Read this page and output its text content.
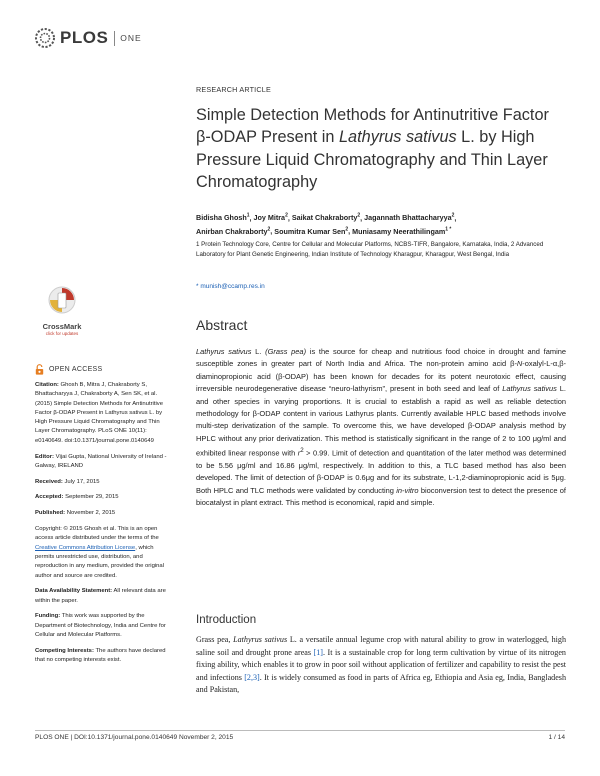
PLOS ONE
CrossMark
click for updates
OPEN ACCESS

Citation: Ghosh B, Mitra J, Chakraborty S, Bhattacharyya J, Chakraborty A, Sen SK, et al. (2015) Simple Detection Methods for Antinutritive Factor β-ODAP Present in Lathyrus sativus L. by High Pressure Liquid Chromatography and Thin Layer Chromatography. PLoS ONE 10(11): e0140649. doi:10.1371/journal.pone.0140649

Editor: Vijai Gupta, National University of Ireland - Galway, IRELAND

Received: July 17, 2015

Accepted: September 29, 2015

Published: November 2, 2015

Copyright: © 2015 Ghosh et al. This is an open access article distributed under the terms of the Creative Commons Attribution License, which permits unrestricted use, distribution, and reproduction in any medium, provided the original author and source are credited.

Data Availability Statement: All relevant data are within the paper.

Funding: This work was supported by the Department of Biotechnology, India and Centre for Cellular and Molecular Platforms.

Competing Interests: The authors have declared that no competing interests exist.

RESEARCH ARTICLE
Simple Detection Methods for Antinutritive Factor β-ODAP Present in Lathyrus sativus L. by High Pressure Liquid Chromatography and Thin Layer Chromatography
Bidisha Ghosh$^1$, Joy Mitra$^2$, Saikat Chakraborty$^2$, Jagannath Bhattacharyya$^2$,
Anirban Chakraborty$^2$, Soumitra Kumar Sen$^2$, Muniasamy Neerathilingam$^{1 *}$
1 Protein Technology Core, Centre for Cellular and Molecular Platforms, NCBS-TIFR, Bangalore, Karnataka, India, 2 Advanced Laboratory for Plant Genetic Engineering, Indian Institute of Technology Kharagpur, Kharagpur, West Bengal, India
* munish@ccamp.res.in
Abstract
Lathyrus sativus L. (Grass pea) is the source for cheap and nutritious food choice in drought and famine susceptible zones in greater part of North India and Africa. The non-protein amino acid β-N-oxalyl-L-α,β-diaminopropionic acid (β-ODAP) has been known for decades for its potent neurotoxic effect, causing irreversible neurodegenerative disease “neuro-lathyrism”, present in both seed and leaf of Lathyrus sativus L. and other species in varying proportions. It is crucial to establish a rapid as well as reliable detection methodology for β-ODAP content in various Lathyrus plants. Currently available HPLC based methods involve multi-step derivatization of the sample. To overcome this, we have developed β-ODAP analysis method by HPLC without any prior derivatization. This method is statistically significant in the range of 2 to 100 μg/ml and exhibited linear response with $r^2 > 0.99$. Limit of detection and quantitation of the later method was determined to be 5.56 μg/ml and 16.86 μg/ml, respectively. In addition to this, a TLC based method has also been developed. The limit of detection of β-ODAP is 0.6μg and for its substrate, L-1,2-diaminopropionic acid is 5μg. Both HPLC and TLC methods were validated by conducting in-vitro bioconversion test to detect the presence of biocatalyst in plant extract. This method is economical, rapid and simple.
Introduction
Grass pea, Lathyrus sativus L. a versatile annual legume crop with natural ability to grow in waterlogged, high saline soil and drought prone areas [1]. It is a sustainable crop for long term cultivation by virtue of its nitrogen fixing ability, which enables it to grow in poor soil without application of fertilizer and capability to resist the pest and infections [2,3]. It is widely consumed as food in parts of Africa eg, Ethiopia and Asia eg, India, Bangladesh and Pakistan,
PLOS ONE | DOI:10.1371/journal.pone.0140649 November 2, 2015	1 / 14
